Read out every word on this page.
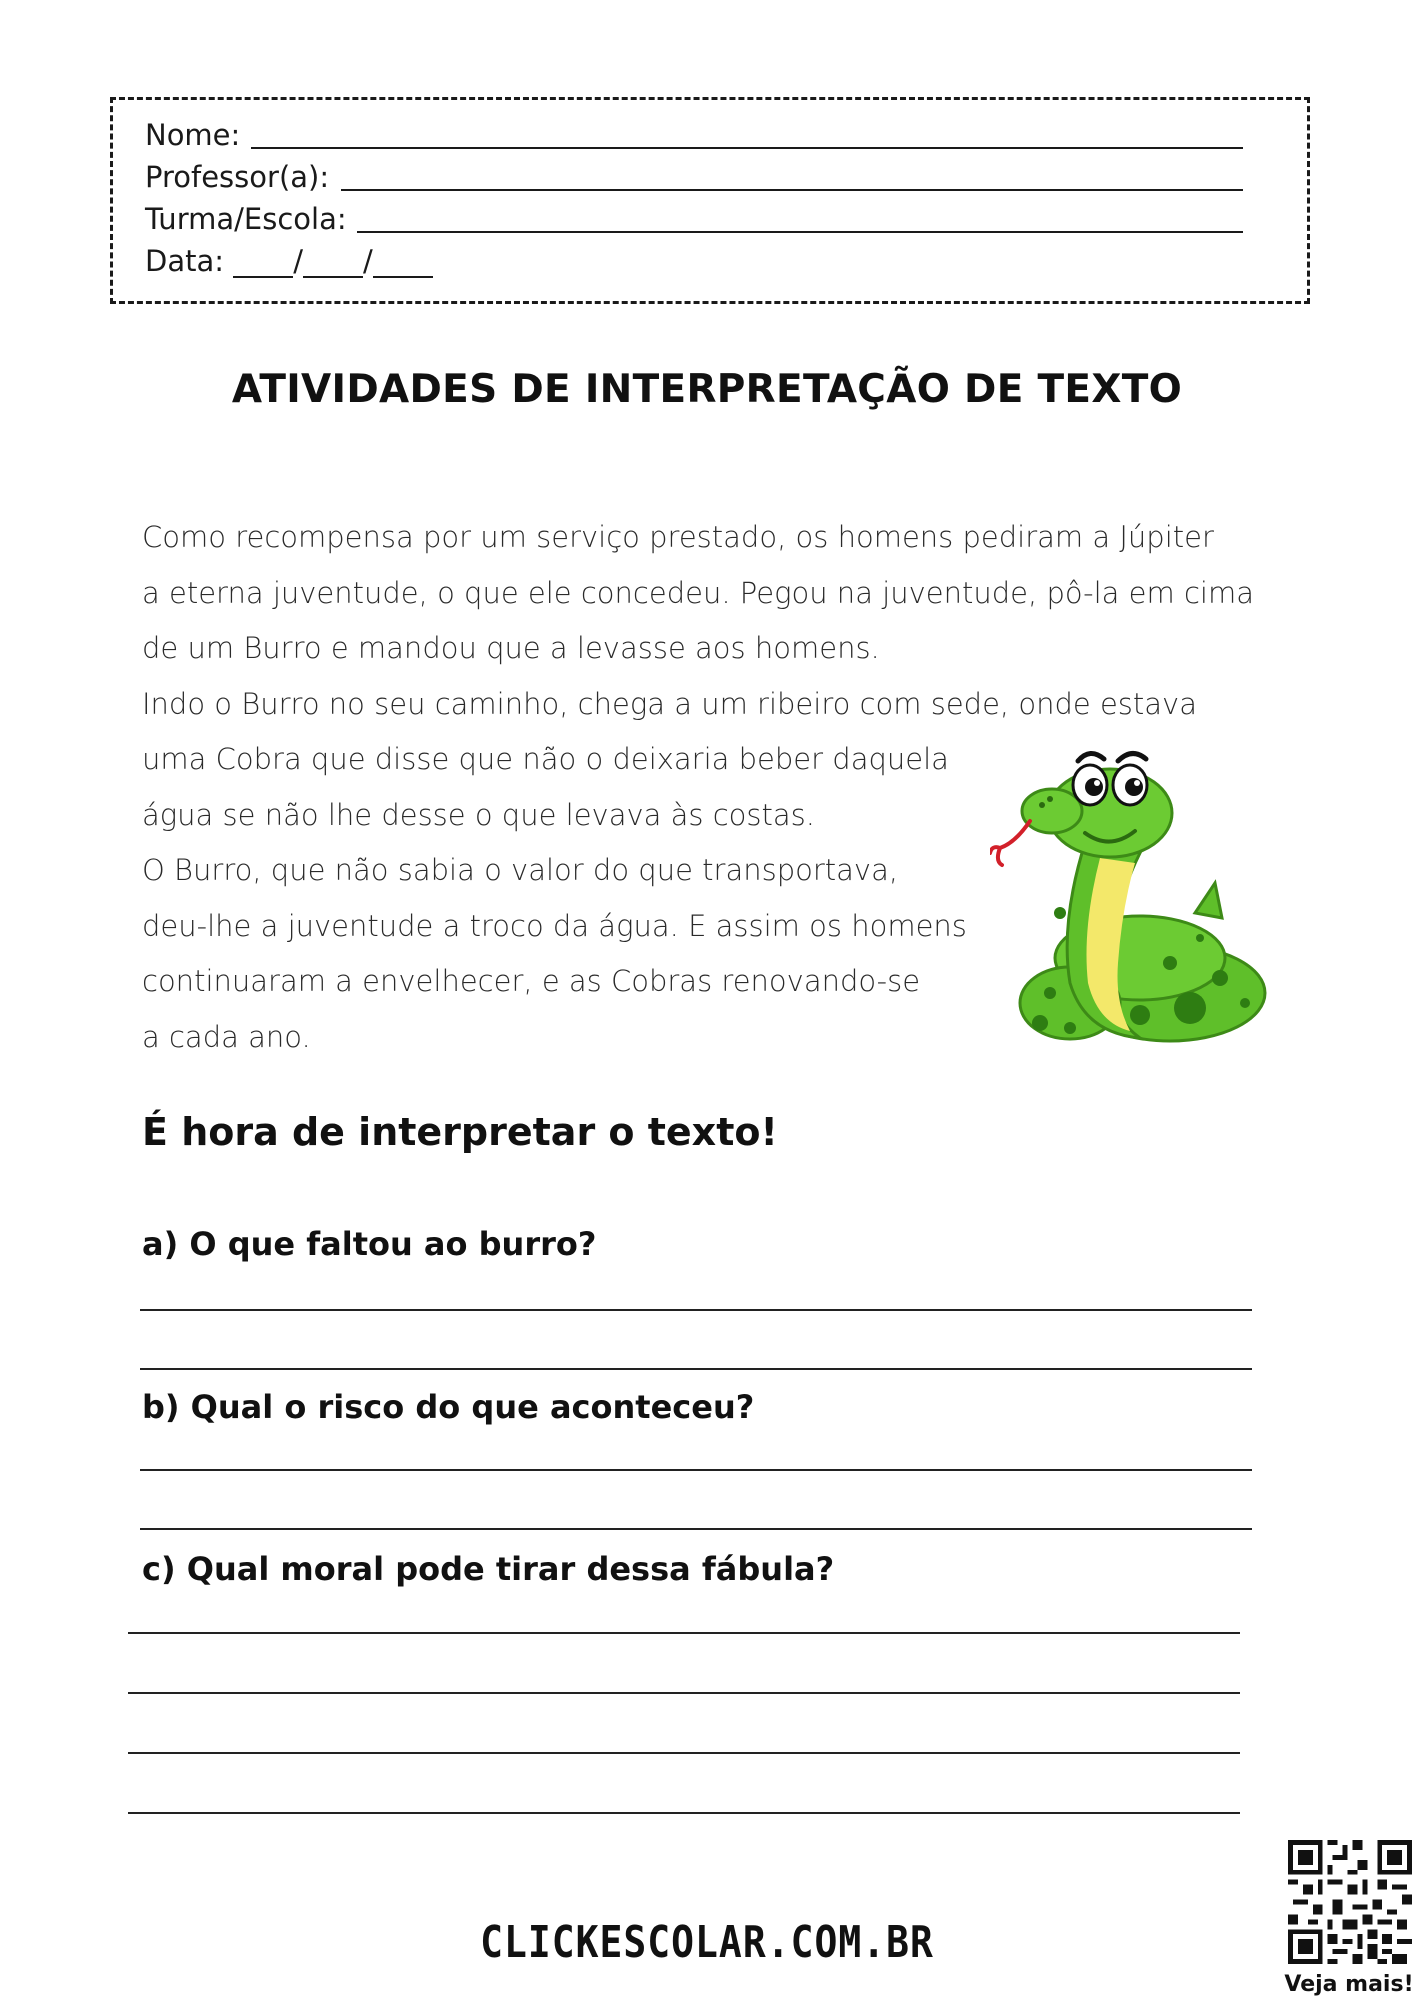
Nome:
Professor(a):
Turma/Escola:
Data: / /
ATIVIDADES DE INTERPRETAÇÃO DE TEXTO
Como recompensa por um serviço prestado, os homens pediram a Júpiter
a eterna juventude, o que ele concedeu. Pegou na juventude, pô-la em cima
de um Burro e mandou que a levasse aos homens.
Indo o Burro no seu caminho, chega a um ribeiro com sede, onde estava
uma Cobra que disse que não o deixaria beber daquela
água se não lhe desse o que levava às costas.
O Burro, que não sabia o valor do que transportava,
deu-lhe a juventude a troco da água. E assim os homens
continuaram a envelhecer, e as Cobras renovando-se
a cada ano.
É hora de interpretar o texto!
a) O que faltou ao burro?
b) Qual o risco do que aconteceu?
c) Qual moral pode tirar dessa fábula?
CLICKESCOLAR.COM.BR
Veja mais!
